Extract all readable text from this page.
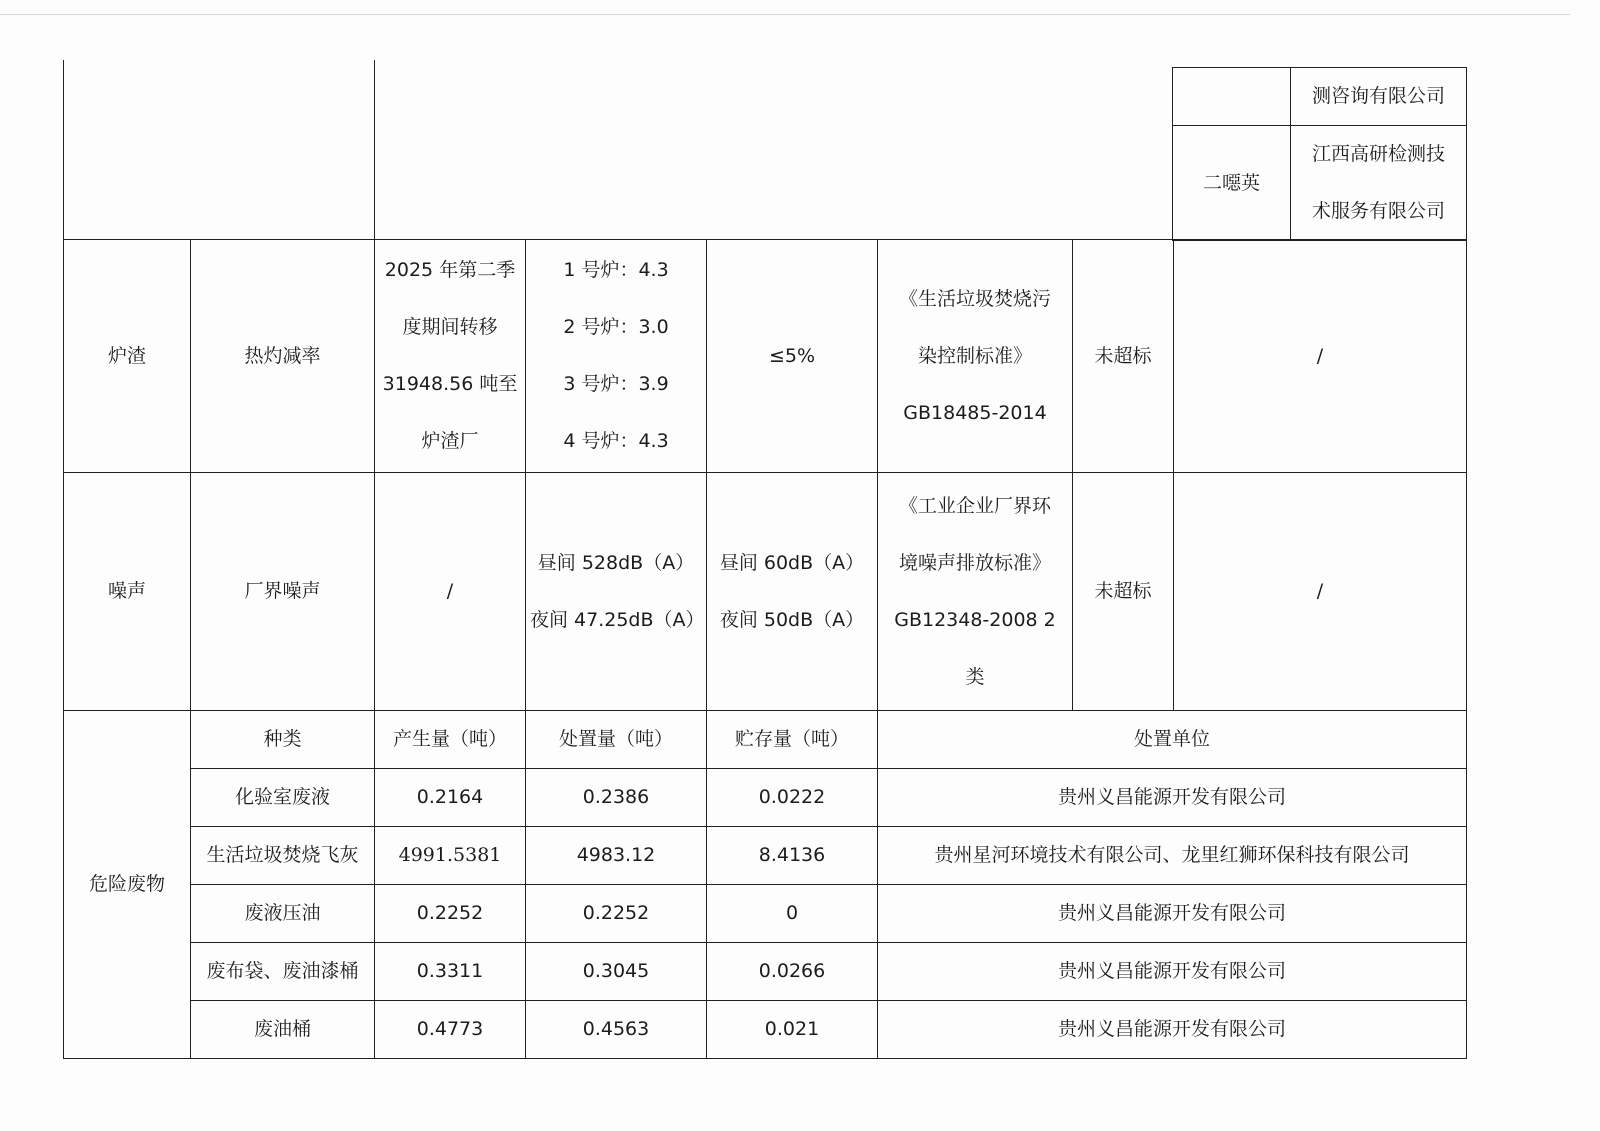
	测咨询有限公司
二噁英	江西高研检测技
术服务有限公司
炉渣	热灼减率	2025 年第二季
度期间转移
31948.56 吨至
炉渣厂	1 号炉：4.3
2 号炉：3.0
3 号炉：3.9
4 号炉：4.3	≤5%	《生活垃圾焚烧污
染控制标准》
GB18485-2014	未超标	/
噪声	厂界噪声	/	昼间 528dB（A）
夜间 47.25dB（A）	昼间 60dB（A）
夜间 50dB（A）	《工业企业厂界环
境噪声排放标准》
GB12348-2008 2
类	未超标	/
危险废物	种类	产生量（吨）	处置量（吨）	贮存量（吨）	处置单位
	化验室废液	0.2164	0.2386	0.0222	贵州义昌能源开发有限公司
	生活垃圾焚烧飞灰	4991.5381	4983.12	8.4136	贵州星河环境技术有限公司、龙里红狮环保科技有限公司
	废液压油	0.2252	0.2252	0	贵州义昌能源开发有限公司
	废布袋、废油漆桶	0.3311	0.3045	0.0266	贵州义昌能源开发有限公司
	废油桶	0.4773	0.4563	0.021	贵州义昌能源开发有限公司
